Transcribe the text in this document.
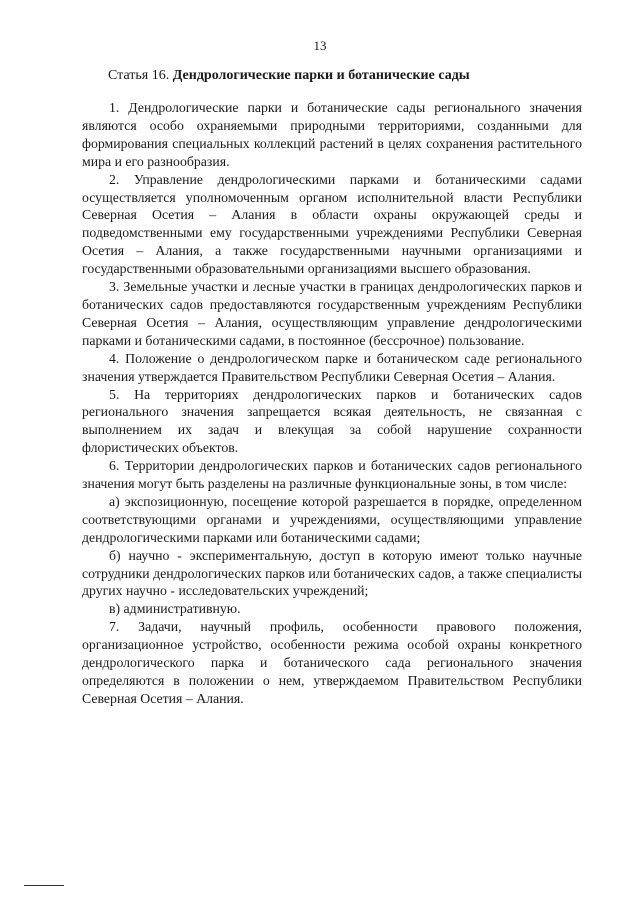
13
Статья 16. Дендрологические парки и ботанические сады

1. Дендрологические парки и ботанические сады регионального значения являются особо охраняемыми природными территориями, созданными для формирования специальных коллекций растений в целях сохранения растительного мира и его разнообразия.

2. Управление дендрологическими парками и ботаническими садами осуществляется уполномоченным органом исполнительной власти Республики Северная Осетия – Алания в области охраны окружающей среды и подведомственными ему государственными учреждениями Республики Северная Осетия – Алания, а также государственными научными организациями и государственными образовательными организациями высшего образования.

3. Земельные участки и лесные участки в границах дендрологических парков и ботанических садов предоставляются государственным учреждениям Республики Северная Осетия – Алания, осуществляющим управление дендрологическими парками и ботаническими садами, в постоянное (бессрочное) пользование.

4. Положение о дендрологическом парке и ботаническом саде регионального значения утверждается Правительством Республики Северная Осетия – Алания.

5. На территориях дендрологических парков и ботанических садов регионального значения запрещается всякая деятельность, не связанная с выполнением их задач и влекущая за собой нарушение сохранности флористических объектов.

6. Территории дендрологических парков и ботанических садов регионального значения могут быть разделены на различные функциональные зоны, в том числе:

а) экспозиционную, посещение которой разрешается в порядке, определенном соответствующими органами и учреждениями, осуществляющими управление дендрологическими парками или ботаническими садами;

б) научно - экспериментальную, доступ в которую имеют только научные сотрудники дендрологических парков или ботанических садов, а также специалисты других научно - исследовательских учреждений;

в) административную.

7. Задачи, научный профиль, особенности правового положения, организационное устройство, особенности режима особой охраны конкретного дендрологического парка и ботанического сада регионального значения определяются в положении о нем, утверждаемом Правительством Республики Северная Осетия – Алания.
